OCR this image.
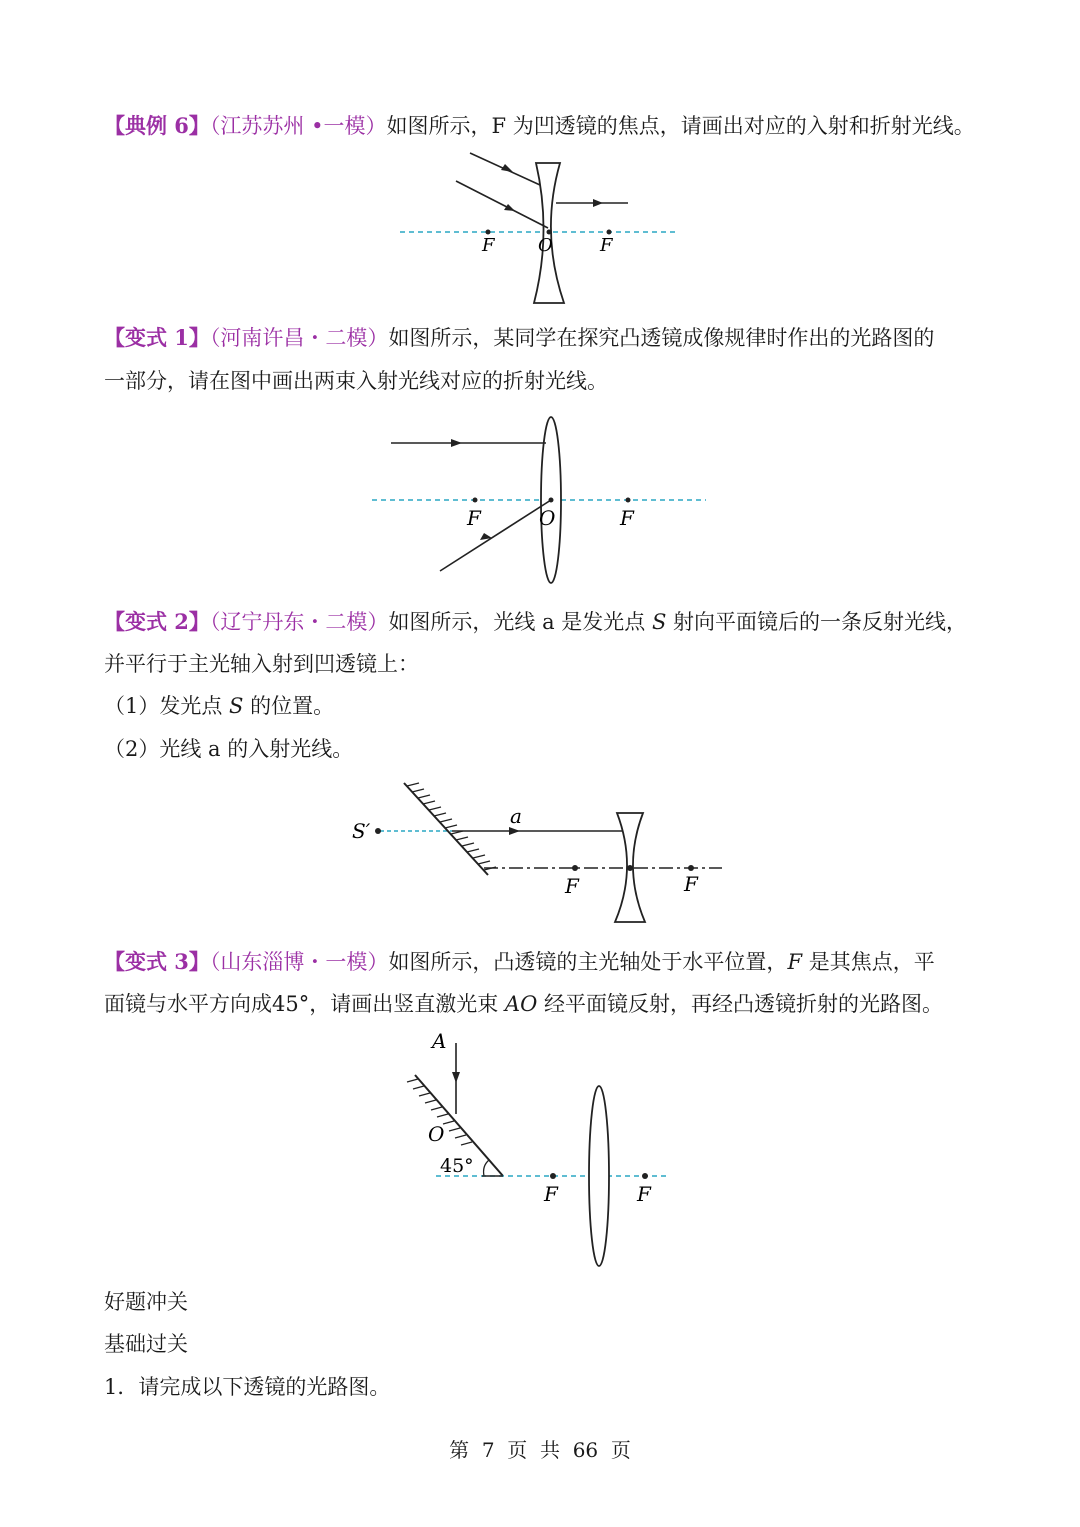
【典例 6】（江苏苏州 •一模）如图所示，F 为凹透镜的焦点，请画出对应的入射和折射光线。
F O	F
【变式 1】（河南许昌・二模）如图所示，某同学在探究凸透镜成像规律时作出的光路图的
一部分，请在图中画出两束入射光线对应的折射光线。
F	O	F
【变式 2】（辽宁丹东・二模）如图所示，光线 a 是发光点 S 射向平面镜后的一条反射光线，
并平行于主光轴入射到凹透镜上：
（1）发光点 S 的位置。
（2）光线 a 的入射光线。
S′
a
F	F
【变式 3】（山东淄博・一模）如图所示，凸透镜的主光轴处于水平位置，F 是其焦点，平
面镜与水平方向成45°，请画出竖直激光束 AO 经平面镜反射，再经凸透镜折射的光路图。
A
O
45°
F	F
好题冲关
基础过关
1．请完成以下透镜的光路图。
第  7  页  共  66  页
